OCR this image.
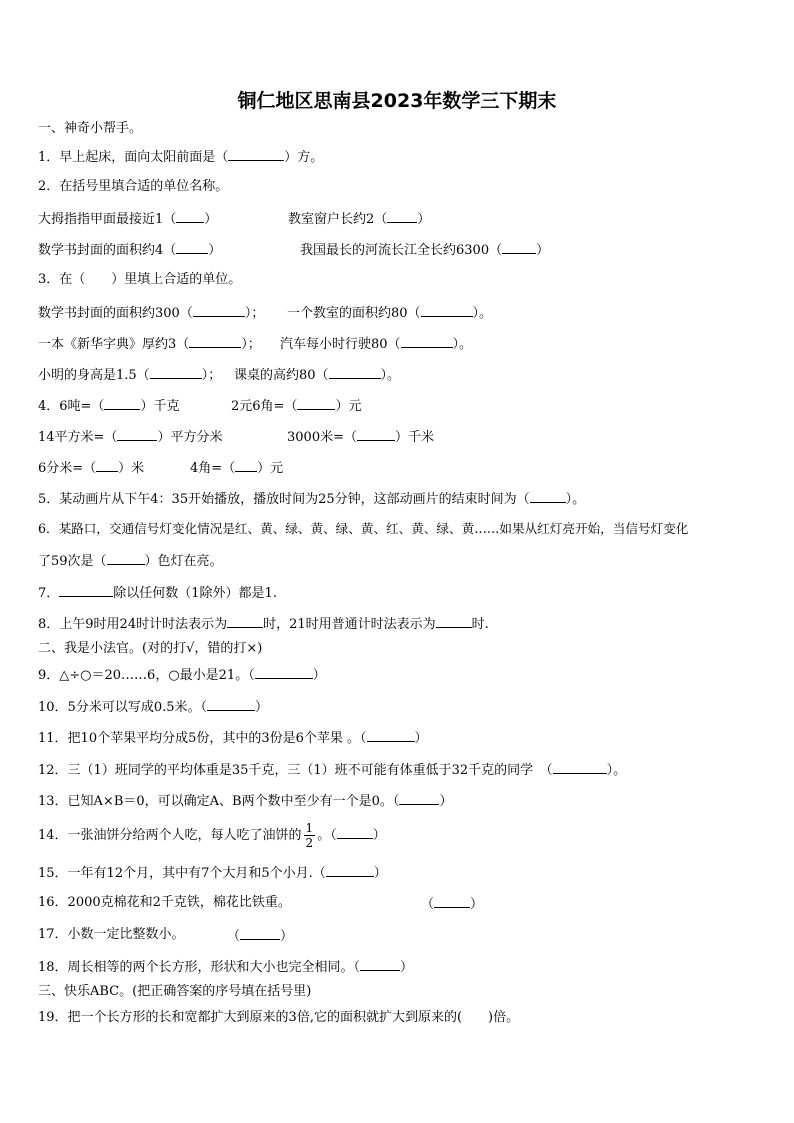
铜仁地区思南县2023年数学三下期末
一、神奇小帮手。
1．早上起床，面向太阳前面是（	）方。
2．在括号里填合适的单位名称。
大拇指指甲面最接近1（ ）	教室窗户长约2（ ）
数学书封面的面积约4（ ）	我国最长的河流长江全长约6300（	）
3．在（　　）里填上合适的单位。
数学书封面的面积约300（	）； 一个教室的面积约80（	）。
一本《新华字典》厚约3（	）； 汽车每小时行驶80（	）。
小明的身高是1.5（	）； 课桌的高约80（	）。
4．6吨=（	）千克	2元6角=（	）元
14平方米=（	）平方分米	3000米=（	）千米
6分米=（ ）米	4角=（ ）元
5．某动画片从下午4：35开始播放，播放时间为25分钟，这部动画片的结束时间为（	）。
6．某路口，交通信号灯变化情况是红、黄、绿、黄、绿、黄、红、黄、绿、黄……如果从红灯亮开始，当信号灯变化
了59次是（	）色灯在亮。
7．	除以任何数（1除外）都是1.
8．上午9时用24时计时法表示为	时，21时用普通计时法表示为	时.
二、我是小法官。(对的打√，错的打×)
9．△÷○＝20……6，○最小是21。（	）
10．5分米可以写成0.5米。（	）
11．把10个苹果平均分成5份，其中的3份是6个苹果 。（	）
12．三（1）班同学的平均体重是35千克，三（1）班不可能有体重低于32千克的同学　（	）。
13．已知A×B＝0，可以确定A、B两个数中至少有一个是0。（	）
14．一张油饼分给两个人吃，每人吃了油饼的 $\frac{1}{2}$ 。（	）
15．一年有12个月，其中有7个大月和5个小月.（	）
16．2000克棉花和2千克铁，棉花比铁重。	（	）
17．小数一定比整数小。	（	）
18．周长相等的两个长方形，形状和大小也完全相同。（	）
三、快乐ABC。(把正确答案的序号填在括号里)
19．把一个长方形的长和宽都扩大到原来的3倍,它的面积就扩大到原来的(　　)倍。
